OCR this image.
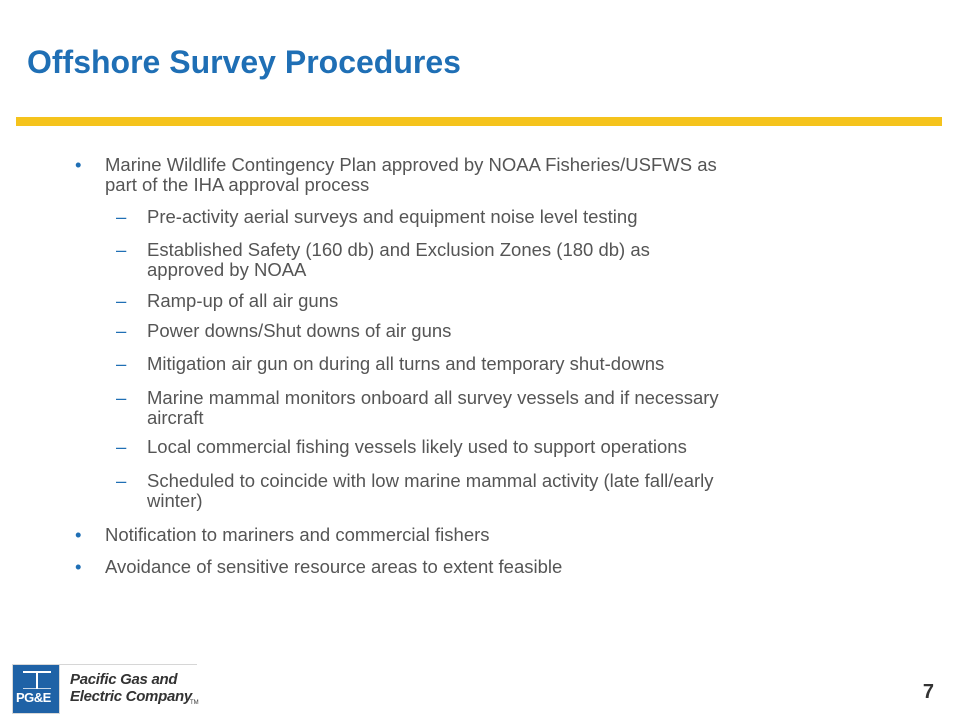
Offshore Survey Procedures
• Marine Wildlife Contingency Plan approved by NOAA Fisheries/USFWS as
part of the IHA approval process
– Pre-activity aerial surveys and equipment noise level testing
– Established Safety (160 db) and Exclusion Zones (180 db) as
approved by NOAA
– Ramp-up of all air guns
– Power downs/Shut downs of air guns
– Mitigation air gun on during all turns and temporary shut-downs
– Marine mammal monitors onboard all survey vessels and if necessary
aircraft
– Local commercial fishing vessels likely used to support operations
– Scheduled to coincide with low marine mammal activity (late fall/early
winter)
• Notification to mariners and commercial fishers
• Avoidance of sensitive resource areas to extent feasible
PG&E
Pacific Gas and
Electric Company
TM	7
